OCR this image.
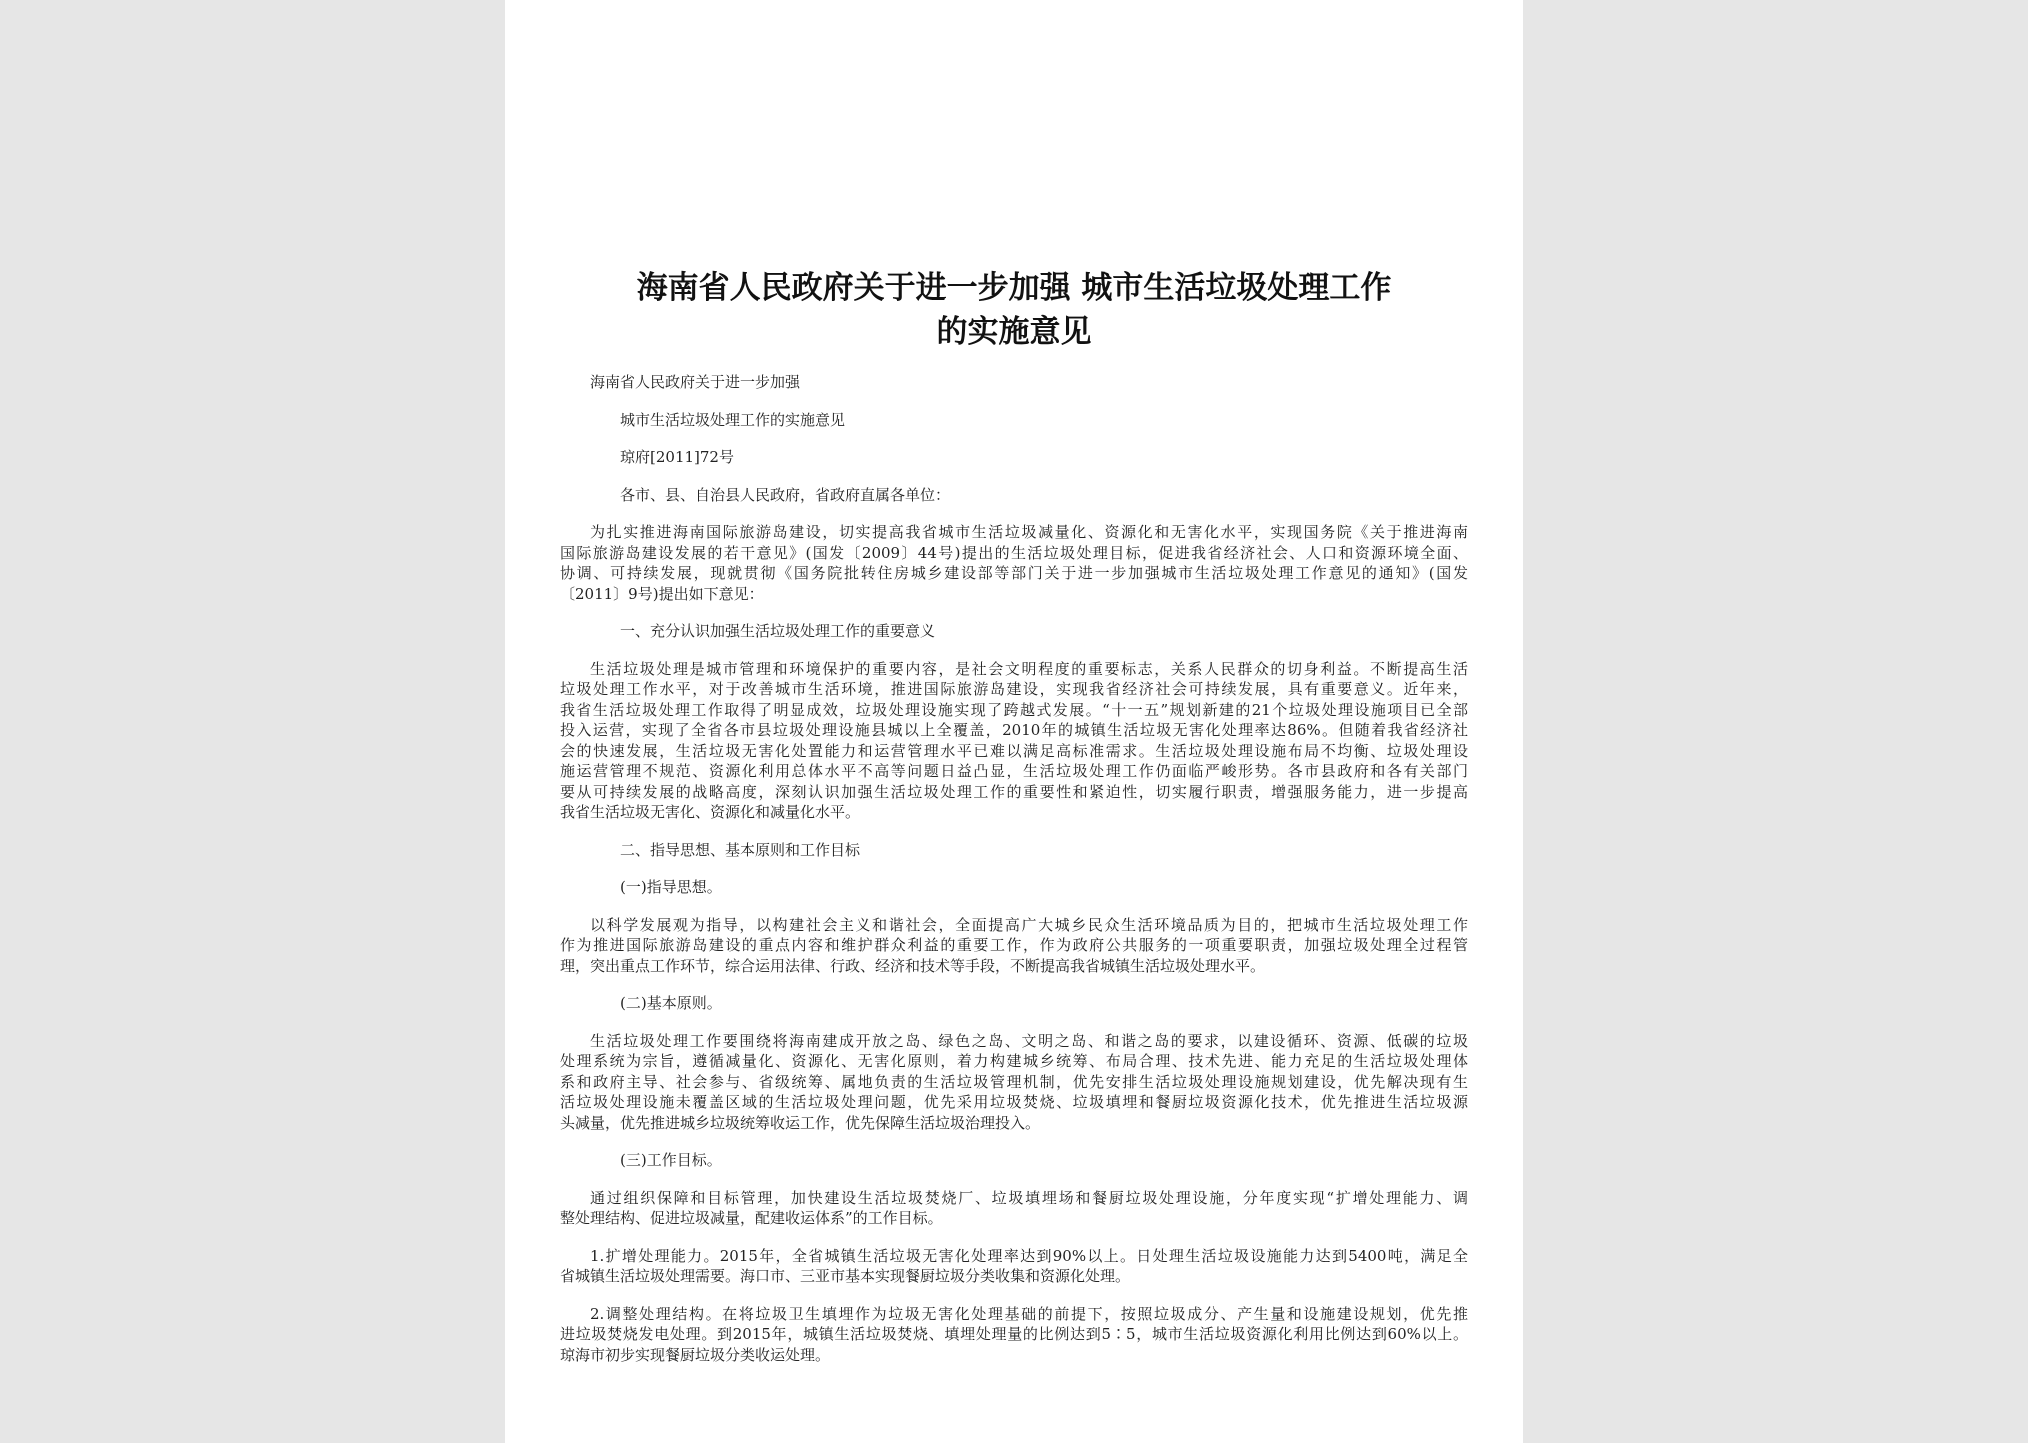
海南省人民政府关于进一步加强 城市生活垃圾处理工作
的实施意见
海南省人民政府关于进一步加强
城市生活垃圾处理工作的实施意见
琼府[2011]72号
各市、县、自治县人民政府，省政府直属各单位：
为扎实推进海南国际旅游岛建设，切实提高我省城市生活垃圾减量化、资源化和无害化水平，实现国务院《关于推进海南
国际旅游岛建设发展的若干意见》(国发〔2009〕44号)提出的生活垃圾处理目标，促进我省经济社会、人口和资源环境全面、
协调、可持续发展，现就贯彻《国务院批转住房城乡建设部等部门关于进一步加强城市生活垃圾处理工作意见的通知》(国发
〔2011〕9号)提出如下意见：
一、充分认识加强生活垃圾处理工作的重要意义
生活垃圾处理是城市管理和环境保护的重要内容，是社会文明程度的重要标志，关系人民群众的切身利益。不断提高生活
垃圾处理工作水平，对于改善城市生活环境，推进国际旅游岛建设，实现我省经济社会可持续发展，具有重要意义。近年来，
我省生活垃圾处理工作取得了明显成效，垃圾处理设施实现了跨越式发展。“十一五”规划新建的21个垃圾处理设施项目已全部
投入运营，实现了全省各市县垃圾处理设施县城以上全覆盖，2010年的城镇生活垃圾无害化处理率达86%。但随着我省经济社
会的快速发展，生活垃圾无害化处置能力和运营管理水平已难以满足高标准需求。生活垃圾处理设施布局不均衡、垃圾处理设
施运营管理不规范、资源化利用总体水平不高等问题日益凸显，生活垃圾处理工作仍面临严峻形势。各市县政府和各有关部门
要从可持续发展的战略高度，深刻认识加强生活垃圾处理工作的重要性和紧迫性，切实履行职责，增强服务能力，进一步提高
我省生活垃圾无害化、资源化和减量化水平。
二、指导思想、基本原则和工作目标
(一)指导思想。
以科学发展观为指导，以构建社会主义和谐社会，全面提高广大城乡民众生活环境品质为目的，把城市生活垃圾处理工作
作为推进国际旅游岛建设的重点内容和维护群众利益的重要工作，作为政府公共服务的一项重要职责，加强垃圾处理全过程管
理，突出重点工作环节，综合运用法律、行政、经济和技术等手段，不断提高我省城镇生活垃圾处理水平。
(二)基本原则。
生活垃圾处理工作要围绕将海南建成开放之岛、绿色之岛、文明之岛、和谐之岛的要求，以建设循环、资源、低碳的垃圾
处理系统为宗旨，遵循减量化、资源化、无害化原则，着力构建城乡统筹、布局合理、技术先进、能力充足的生活垃圾处理体
系和政府主导、社会参与、省级统筹、属地负责的生活垃圾管理机制，优先安排生活垃圾处理设施规划建设，优先解决现有生
活垃圾处理设施未覆盖区域的生活垃圾处理问题，优先采用垃圾焚烧、垃圾填埋和餐厨垃圾资源化技术，优先推进生活垃圾源
头减量，优先推进城乡垃圾统筹收运工作，优先保障生活垃圾治理投入。
(三)工作目标。
通过组织保障和目标管理，加快建设生活垃圾焚烧厂、垃圾填埋场和餐厨垃圾处理设施，分年度实现“扩增处理能力、调
整处理结构、促进垃圾减量，配建收运体系”的工作目标。
1.扩增处理能力。2015年，全省城镇生活垃圾无害化处理率达到90%以上。日处理生活垃圾设施能力达到5400吨，满足全
省城镇生活垃圾处理需要。海口市、三亚市基本实现餐厨垃圾分类收集和资源化处理。
2.调整处理结构。在将垃圾卫生填埋作为垃圾无害化处理基础的前提下，按照垃圾成分、产生量和设施建设规划，优先推
进垃圾焚烧发电处理。到2015年，城镇生活垃圾焚烧、填埋处理量的比例达到5∶5，城市生活垃圾资源化利用比例达到60%以上。
琼海市初步实现餐厨垃圾分类收运处理。
